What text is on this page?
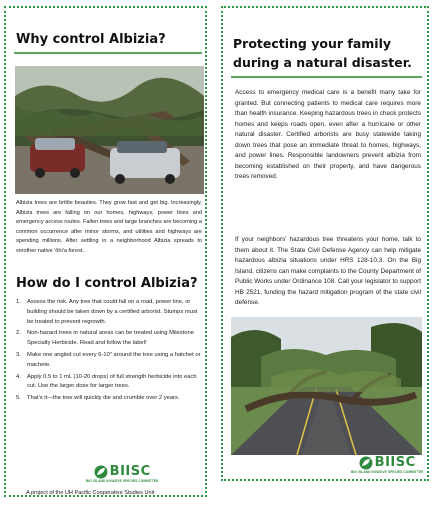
Why control Albizia?
Albizia trees are brittle beauties. They grow fast and get big. Increasingly, Albizia trees are falling on our homes, highways, power lines and emergency access routes. Fallen trees and large branches are becoming a common occurrence after minor storms, and utilities and highways are spending millions. After settling in a neighborhood Albizia spreads to smother native 'ōhi'a forest.
How do I control Albizia?
1.	Assess the risk. Any tree that could fall on a road, power line, or building should be taken down by a certified arborist. Stumps must be treated to prevent regrowth.
2.	Non-hazard trees in natural areas can be treated using Milestone Specialty Herbicide. Read and follow the label!
3.	Make one angled cut every 6-10" around the tree using a hatchet or machete.
4.	Apply 0.5 to 1 mL (10-20 drops) of full strength herbicide into each cut. Use the larger dose for larger trees.
5.	That's it—the tree will quickly die and crumble over 2 years.
BIISC
BIG ISLAND INVASIVE SPECIES COMMITTEE
A project of the UH Pacific Cooperative Studies Unit
Protecting your family during a natural disaster.
Access to emergency medical care is a benefit many take for granted. But connecting patients to medical care requires more than health insurance. Keeping hazardous trees in check protects homes and keeps roads open, even after a hurricane or other natural disaster. Certified arborists are busy statewide taking down trees that pose an immediate threat to homes, highways, and power lines. Responsible landowners prevent albizia from becoming established on their property, and have dangerous trees removed.
If your neighbors' hazardous tree threatens your home, talk to them about it. The State Civil Defense Agency can help mitigate hazardous albizia situations under HRS 128-10.3. On the Big Island, citizens can make complaints to the County Department of Public Works under Ordinance 108. Call your legislator to support HB 2521, funding the hazard mitigation program of the state civil defense.
BIISC
BIG ISLAND INVASIVE SPECIES COMMITTEE
